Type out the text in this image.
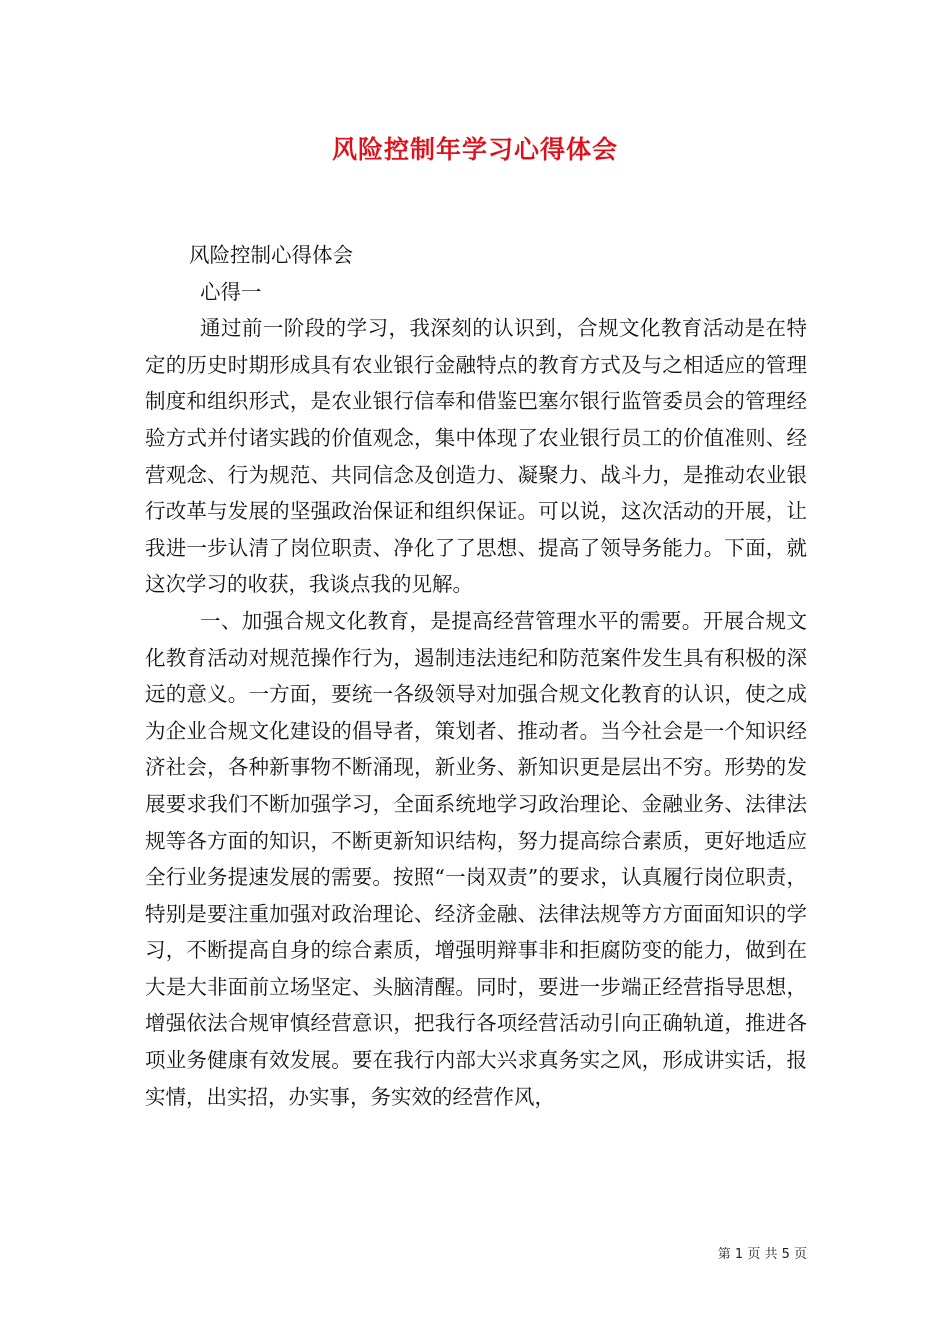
风险控制年学习心得体会

风险控制心得体会

心得一

通过前一阶段的学习，我深刻的认识到，合规文化教育活动是在特定的历史时期形成具有农业银行金融特点的教育方式及与之相适应的管理制度和组织形式，是农业银行信奉和借鉴巴塞尔银行监管委员会的管理经验方式并付诸实践的价值观念，集中体现了农业银行员工的价值准则、经营观念、行为规范、共同信念及创造力、凝聚力、战斗力，是推动农业银行改革与发展的坚强政治保证和组织保证。可以说，这次活动的开展，让我进一步认清了岗位职责、净化了了思想、提高了领导务能力。下面，就这次学习的收获，我谈点我的见解。

一、加强合规文化教育，是提高经营管理水平的需要。开展合规文化教育活动对规范操作行为，遏制违法违纪和防范案件发生具有积极的深远的意义。一方面，要统一各级领导对加强合规文化教育的认识，使之成为企业合规文化建设的倡导者，策划者、推动者。当今社会是一个知识经济社会，各种新事物不断涌现，新业务、新知识更是层出不穷。形势的发展要求我们不断加强学习，全面系统地学习政治理论、金融业务、法律法规等各方面的知识，不断更新知识结构，努力提高综合素质，更好地适应全行业务提速发展的需要。按照“一岗双责”的要求，认真履行岗位职责，特别是要注重加强对政治理论、经济金融、法律法规等方方面面知识的学习，不断提高自身的综合素质，增强明辩事非和拒腐防变的能力，做到在大是大非面前立场坚定、头脑清醒。同时，要进一步端正经营指导思想，增强依法合规审慎经营意识，把我行各项经营活动引向正确轨道，推进各项业务健康有效发展。要在我行内部大兴求真务实之风，形成讲实话，报实情，出实招，办实事，务实效的经营作风，

第 1 页 共 5 页
